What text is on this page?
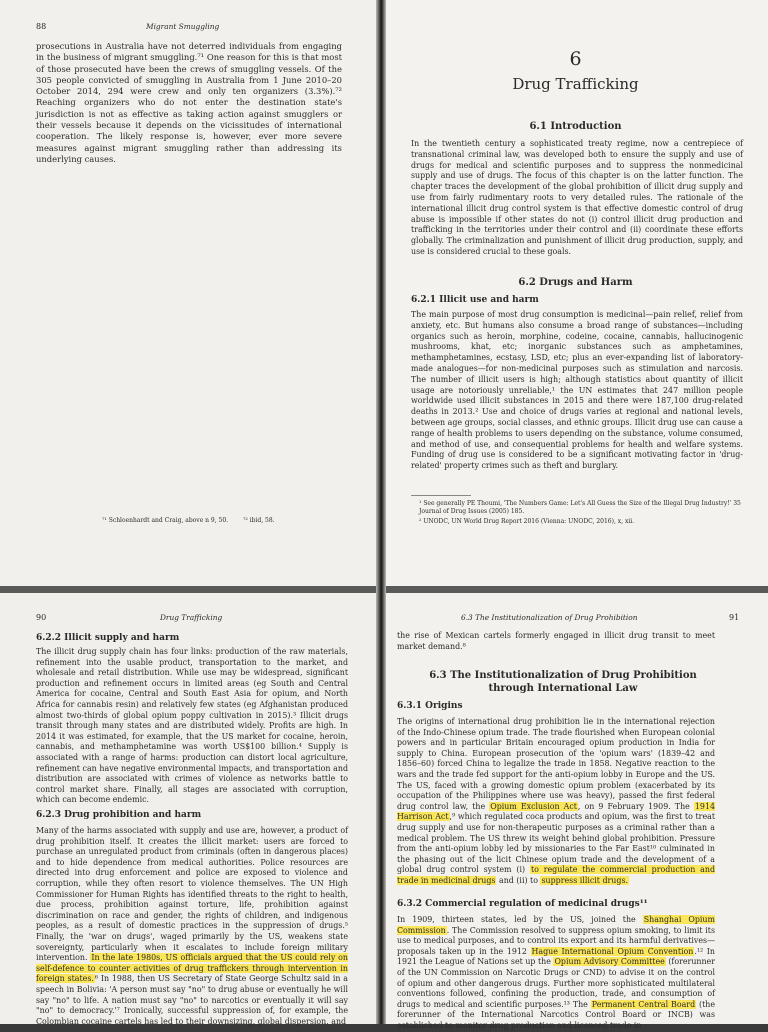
88	Migrant Smuggling

prosecutions in Australia have not deterred individuals from engaging in the business of migrant smuggling.⁷¹ One reason for this is that most of those prosecuted have been the crews of smuggling vessels. Of the 305 people convicted of smuggling in Australia from 1 June 2010–20 October 2014, 294 were crew and only ten organizers (3.3%).⁷² Reaching organizers who do not enter the destination state's jurisdiction is not as effective as taking action against smugglers or their vessels because it depends on the vicissitudes of international cooperation. The likely response is, however, ever more severe measures against migrant smuggling rather than addressing its underlying causes.

⁷¹ Schloenhardt and Craig, above n 9, 50. ⁷² ibid, 58.

6
Drug Trafficking
6.1 Introduction

In the twentieth century a sophisticated treaty regime, now a centrepiece of transnational criminal law, was developed both to ensure the supply and use of drugs for medical and scientific purposes and to suppress the nonmedicinal supply and use of drugs. The focus of this chapter is on the latter function. The chapter traces the development of the global prohibition of illicit drug supply and use from fairly rudimentary roots to very detailed rules. The rationale of the international illicit drug control system is that effective domestic control of drug abuse is impossible if other states do not (i) control illicit drug production and trafficking in the territories under their control and (ii) coordinate these efforts globally. The criminalization and punishment of illicit drug production, supply, and use is considered crucial to these goals.

6.2 Drugs and Harm
6.2.1 Illicit use and harm

The main purpose of most drug consumption is medicinal—pain relief, relief from anxiety, etc. But humans also consume a broad range of substances—including organics such as heroin, morphine, codeine, cocaine, cannabis, hallucinogenic mushrooms, khat, etc; inorganic substances such as amphetamines, methamphetamines, ecstasy, LSD, etc; plus an ever-expanding list of laboratory-made analogues—for non-medicinal purposes such as stimulation and narcosis. The number of illicit users is high; although statistics about quantity of illicit usage are notoriously unreliable,¹ the UN estimates that 247 million people worldwide used illicit substances in 2015 and there were 187,100 drug-related deaths in 2013.² Use and choice of drugs varies at regional and national levels, between age groups, social classes, and ethnic groups. Illicit drug use can cause a range of health problems to users depending on the substance, volume consumed, and method of use, and consequential problems for health and welfare systems. Funding of drug use is considered to be a significant motivating factor in 'drug-related' property crimes such as theft and burglary.

¹ See generally PE Thoumi, 'The Numbers Game: Let's All Guess the Size of the Illegal Drug Industry!' 35 Journal of Drug Issues (2005) 185.

² UNODC, UN World Drug Report 2016 (Vienna: UNODC, 2016), x, xii.

90	Drug Trafficking
6.2.2 Illicit supply and harm

The illicit drug supply chain has four links: production of the raw materials, refinement into the usable product, transportation to the market, and wholesale and retail distribution. While use may be widespread, significant production and refinement occurs in limited areas (eg South and Central America for cocaine, Central and South East Asia for opium, and North Africa for cannabis resin) and relatively few states (eg Afghanistan produced almost two-thirds of global opium poppy cultivation in 2015).³ Illicit drugs transit through many states and are distributed widely. Profits are high. In 2014 it was estimated, for example, that the US market for cocaine, heroin, cannabis, and methamphetamine was worth US$100 billion.⁴ Supply is associated with a range of harms: production can distort local agriculture, refinement can have negative environmental impacts, and transportation and distribution are associated with crimes of violence as networks battle to control market share. Finally, all stages are associated with corruption, which can become endemic.

6.2.3 Drug prohibition and harm

Many of the harms associated with supply and use are, however, a product of drug prohibition itself. It creates the illicit market: users are forced to purchase an unregulated product from criminals (often in dangerous places) and to hide dependence from medical authorities. Police resources are directed into drug enforcement and police are exposed to violence and corruption, while they often resort to violence themselves. The UN High Commissioner for Human Rights has identified threats to the right to health, due process, prohibition against torture, life, prohibition against discrimination on race and gender, the rights of children, and indigenous peoples, as a result of domestic practices in the suppression of drugs.⁵ Finally, the 'war on drugs', waged primarily by the US, weakens state sovereignty, particularly when it escalates to include foreign military intervention. In the late 1980s, US officials argued that the US could rely on self-defence to counter activities of drug traffickers through intervention in foreign states.⁶ In 1988, then US Secretary of State George Schultz said in a speech in Bolivia: 'A person must say "no" to drug abuse or eventually he will say "no" to life. A nation must say "no" to narcotics or eventually it will say "no" to democracy.'⁷ Ironically, successful suppression of, for example, the Colombian cocaine cartels has led to their downsizing, global dispersion, and

6.3 The Institutionalization of Drug Prohibition	91

the rise of Mexican cartels formerly engaged in illicit drug transit to meet market demand.⁸

6.3 The Institutionalization of Drug Prohibition
through International Law
6.3.1 Origins

The origins of international drug prohibition lie in the international rejection of the Indo-Chinese opium trade. The trade flourished when European colonial powers and in particular Britain encouraged opium production in India for supply to China. European prosecution of the 'opium wars' (1839–42 and 1856–60) forced China to legalize the trade in 1858. Negative reaction to the wars and the trade fed support for the anti-opium lobby in Europe and the US. The US, faced with a growing domestic opium problem (exacerbated by its occupation of the Philippines where use was heavy), passed the first federal drug control law, the Opium Exclusion Act, on 9 February 1909. The 1914 Harrison Act,⁹ which regulated coca products and opium, was the first to treat drug supply and use for non-therapeutic purposes as a criminal rather than a medical problem. The US threw its weight behind global prohibition. Pressure from the anti-opium lobby led by missionaries to the Far East¹⁰ culminated in the phasing out of the licit Chinese opium trade and the development of a global drug control system (i) to regulate the commercial production and trade in medicinal drugs and (ii) to suppress illicit drugs.

6.3.2 Commercial regulation of medicinal drugs¹¹

In 1909, thirteen states, led by the US, joined the Shanghai Opium Commission. The Commission resolved to suppress opium smoking, to limit its use to medical purposes, and to control its export and its harmful derivatives—proposals taken up in the 1912 Hague International Opium Convention.¹² In 1921 the League of Nations set up the Opium Advisory Committee (forerunner of the UN Commission on Narcotic Drugs or CND) to advise it on the control of opium and other dangerous drugs. Further more sophisticated multilateral conventions followed, confining the production, trade, and consumption of drugs to medical and scientific purposes.¹³ The Permanent Central Board (the forerunner of the International Narcotics Control Board or INCB) was established to monitor drug production and licensed trade in
